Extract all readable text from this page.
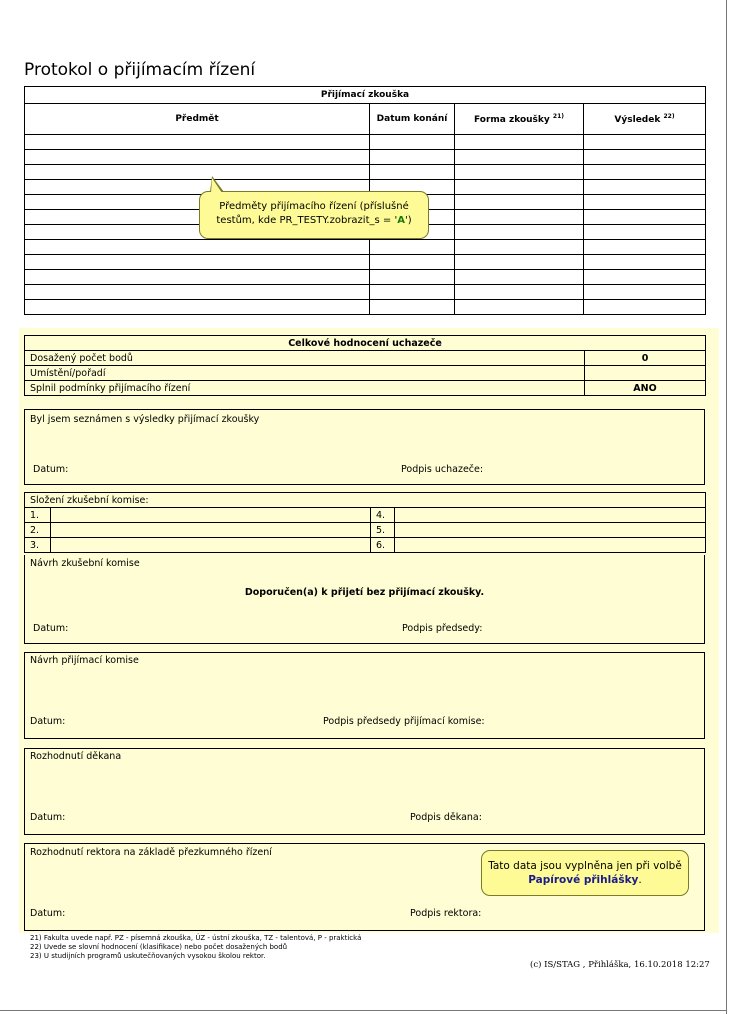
Protokol o přijímacím řízení
Přijímací zkouška			
Předmět	Datum konání	Forma zkoušky $^{21)}$	Výsledek $^{22)}$

Předměty přijímacího řízení (příslušné
testům, kde PR_TESTY.zobrazit_s = 'A')
Celkové hodnocení uchazeče	
Dosažený počet bodů	0
Umístění/pořadí	
Splnil podmínky přijímacího řízení	ANO
Byl jsem seznámen s výsledky přijímací zkoušky
Datum:	Podpis uchazeče:
Složení zkušební komise:			
1.		4.	
2.		5.	
3.		6.	
Návrh zkušební komise
Doporučen(a) k přijetí bez přijímací zkoušky.
Datum:	Podpis předsedy:
Návrh přijímací komise
Datum:	Podpis předsedy přijímací komise:
Rozhodnutí děkana
Datum:	Podpis děkana:
Rozhodnutí rektora na základě přezkumného řízení
Datum:	Podpis rektora:
Tato data jsou vyplněna jen při volbě
Papírové přihlášky.
21) Fakulta uvede např. PZ - písemná zkouška, ÚZ - ústní zkouška, TZ - talentová, P - praktická
22) Uvede se slovní hodnocení (klasifikace) nebo počet dosažených bodů
23) U studijních programů uskutečňovaných vysokou školou rektor.
(c) IS/STAG , Přihláška, 16.10.2018 12:27
